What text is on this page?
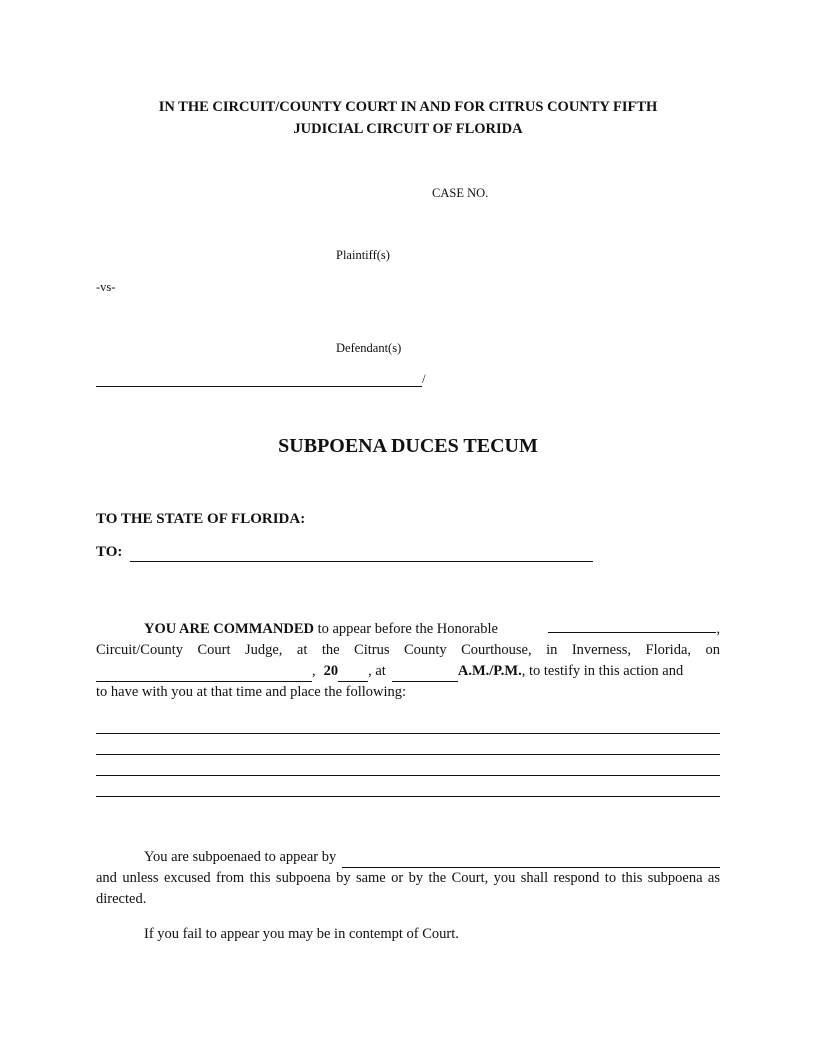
IN THE CIRCUIT/COUNTY COURT IN AND FOR CITRUS COUNTY FIFTH
JUDICIAL CIRCUIT OF FLORIDA
CASE NO.
Plaintiff(s)
-vs-
Defendant(s)
/
SUBPOENA DUCES TECUM
TO THE STATE OF FLORIDA:
TO:
YOU ARE COMMANDED to appear before the Honorable	,
Circuit/County Court Judge, at the Citrus County Courthouse, in Inverness, Florida, on
, 20 , at	A.M./P.M. , to testify in this action and
to have with you at that time and place the following:
You are subpoenaed to appear by
and unless excused from this subpoena by same or by the Court, you shall respond to this subpoena as directed.
If you fail to appear you may be in contempt of Court.
